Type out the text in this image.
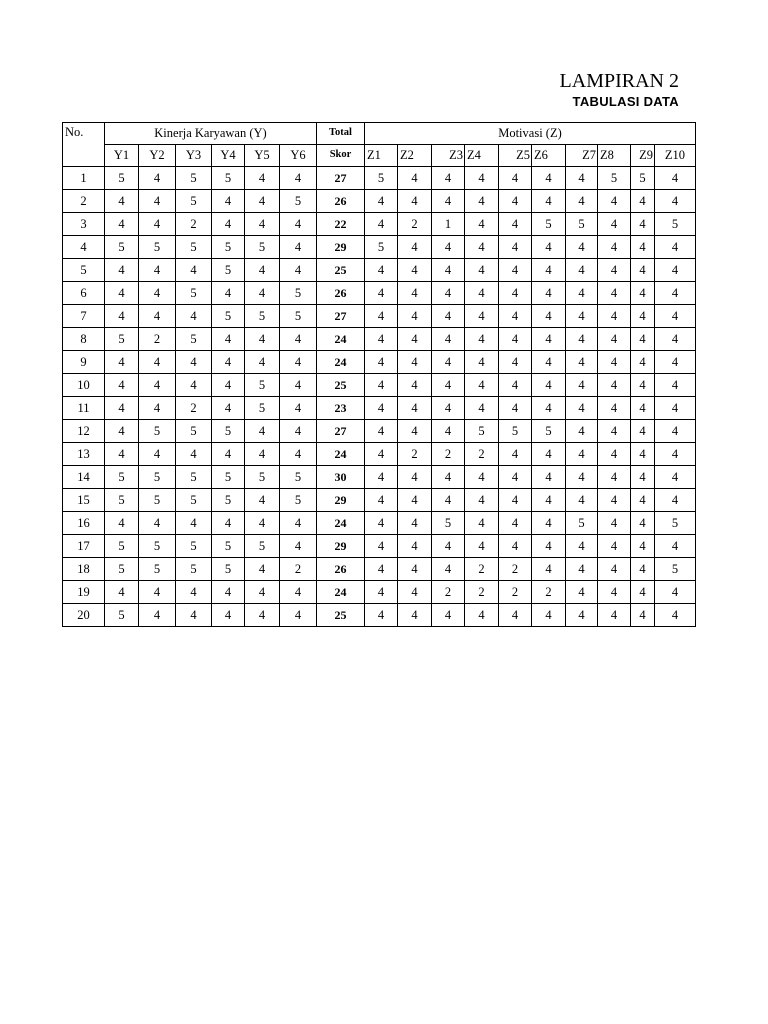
LAMPIRAN 2
TABULASI DATA
No.	Kinerja Karyawan (Y)						Total	Motivasi (Z)									
	Y1	Y2	Y3	Y4	Y5	Y6	Skor	Z1	Z2	Z3	Z4	Z5	Z6	Z7	Z8	Z9	Z10
1	5	4	5	5	4	4	27	5	4	4	4	4	4	4	5	5	4
2	4	4	5	4	4	5	26	4	4	4	4	4	4	4	4	4	4
3	4	4	2	4	4	4	22	4	2	1	4	4	5	5	4	4	5
4	5	5	5	5	5	4	29	5	4	4	4	4	4	4	4	4	4
5	4	4	4	5	4	4	25	4	4	4	4	4	4	4	4	4	4
6	4	4	5	4	4	5	26	4	4	4	4	4	4	4	4	4	4
7	4	4	4	5	5	5	27	4	4	4	4	4	4	4	4	4	4
8	5	2	5	4	4	4	24	4	4	4	4	4	4	4	4	4	4
9	4	4	4	4	4	4	24	4	4	4	4	4	4	4	4	4	4
10	4	4	4	4	5	4	25	4	4	4	4	4	4	4	4	4	4
11	4	4	2	4	5	4	23	4	4	4	4	4	4	4	4	4	4
12	4	5	5	5	4	4	27	4	4	4	5	5	5	4	4	4	4
13	4	4	4	4	4	4	24	4	2	2	2	4	4	4	4	4	4
14	5	5	5	5	5	5	30	4	4	4	4	4	4	4	4	4	4
15	5	5	5	5	4	5	29	4	4	4	4	4	4	4	4	4	4
16	4	4	4	4	4	4	24	4	4	5	4	4	4	5	4	4	5
17	5	5	5	5	5	4	29	4	4	4	4	4	4	4	4	4	4
18	5	5	5	5	4	2	26	4	4	4	2	2	4	4	4	4	5
19	4	4	4	4	4	4	24	4	4	2	2	2	2	4	4	4	4
20	5	4	4	4	4	4	25	4	4	4	4	4	4	4	4	4	4
